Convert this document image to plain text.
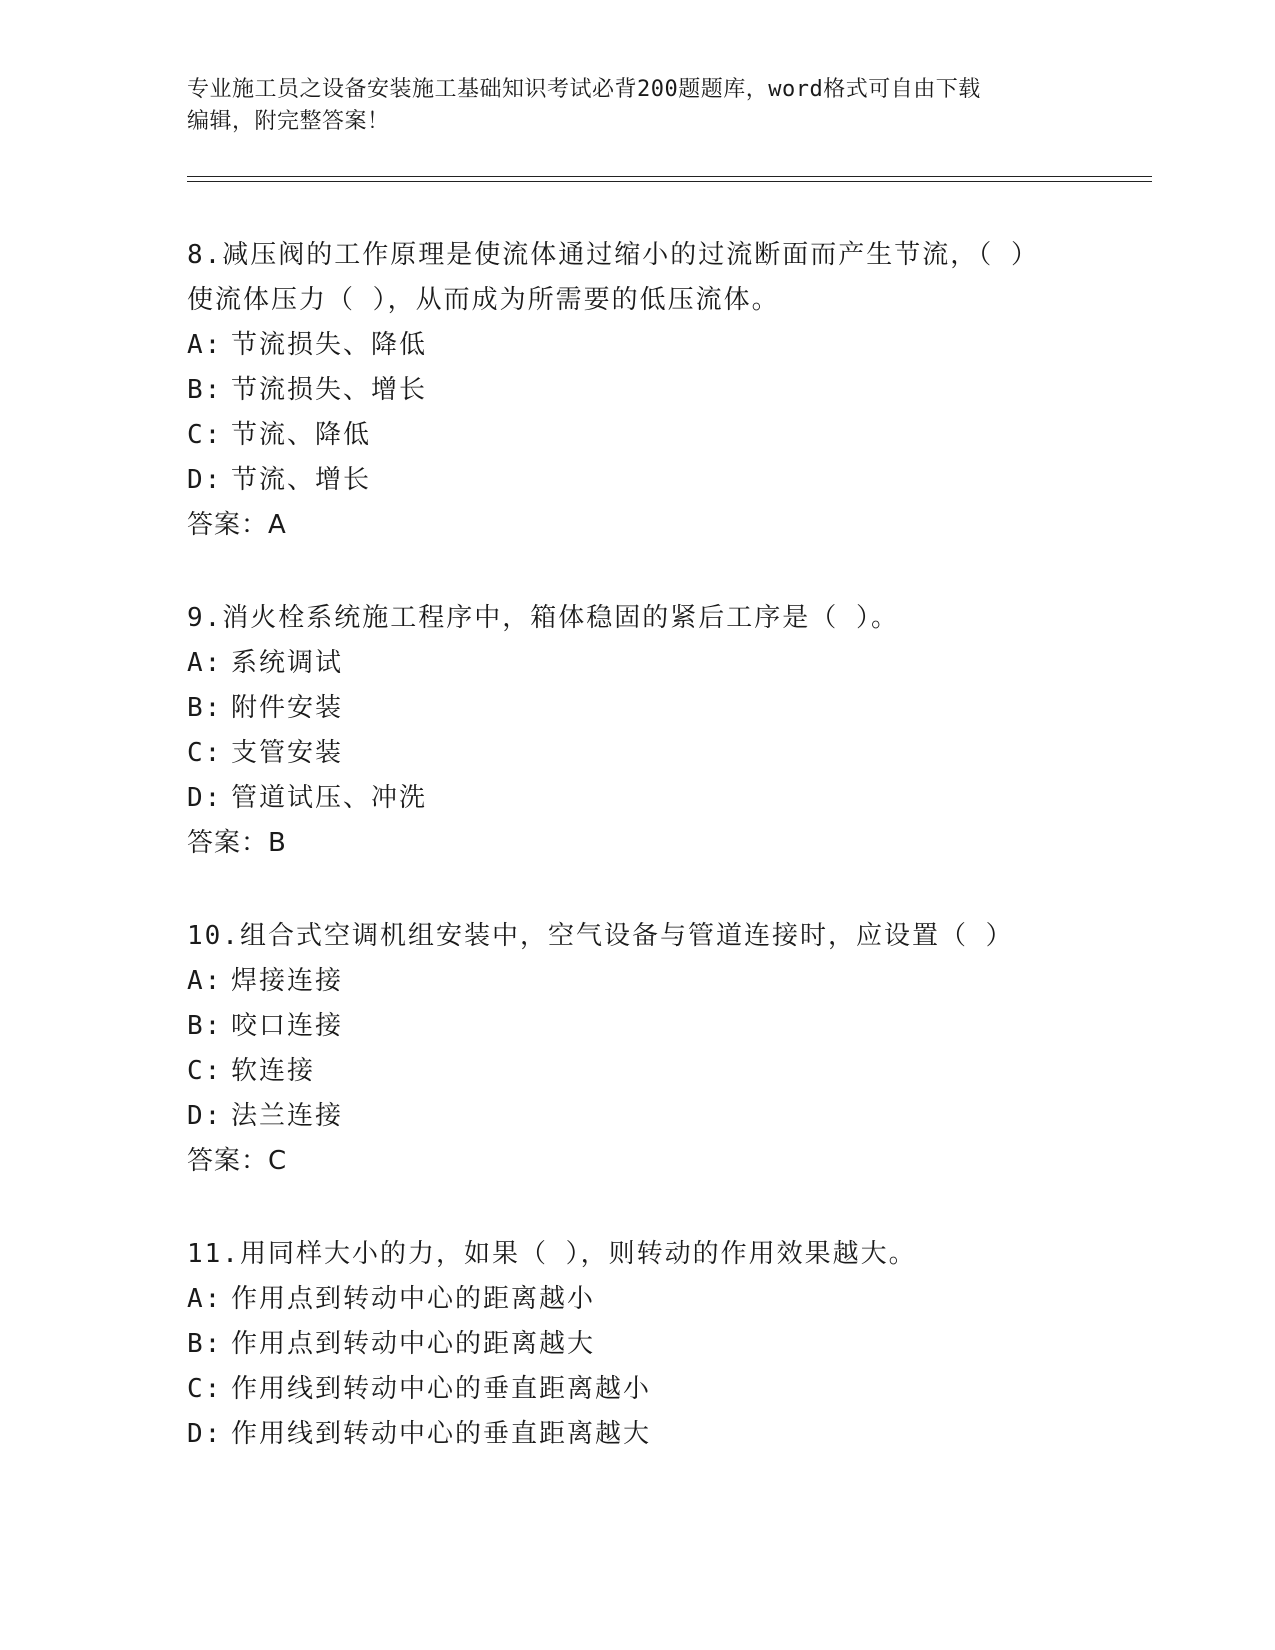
专业施工员之设备安装施工基础知识考试必背200题题库，word格式可自由下载
编辑，附完整答案！
8.减压阀的工作原理是使流体通过缩小的过流断面而产生节流，（ ）
使流体压力（ ），从而成为所需要的低压流体。
A: 节流损失、降低
B: 节流损失、增长
C: 节流、降低
D: 节流、增长
答案：A
9.消火栓系统施工程序中，箱体稳固的紧后工序是（ ）。
A: 系统调试
B: 附件安装
C: 支管安装
D: 管道试压、冲洗
答案：B
10.组合式空调机组安装中，空气设备与管道连接时，应设置（ ）
A: 焊接连接
B: 咬口连接
C: 软连接
D: 法兰连接
答案：C
11.用同样大小的力，如果（ ），则转动的作用效果越大。
A: 作用点到转动中心的距离越小
B: 作用点到转动中心的距离越大
C: 作用线到转动中心的垂直距离越小
D: 作用线到转动中心的垂直距离越大
